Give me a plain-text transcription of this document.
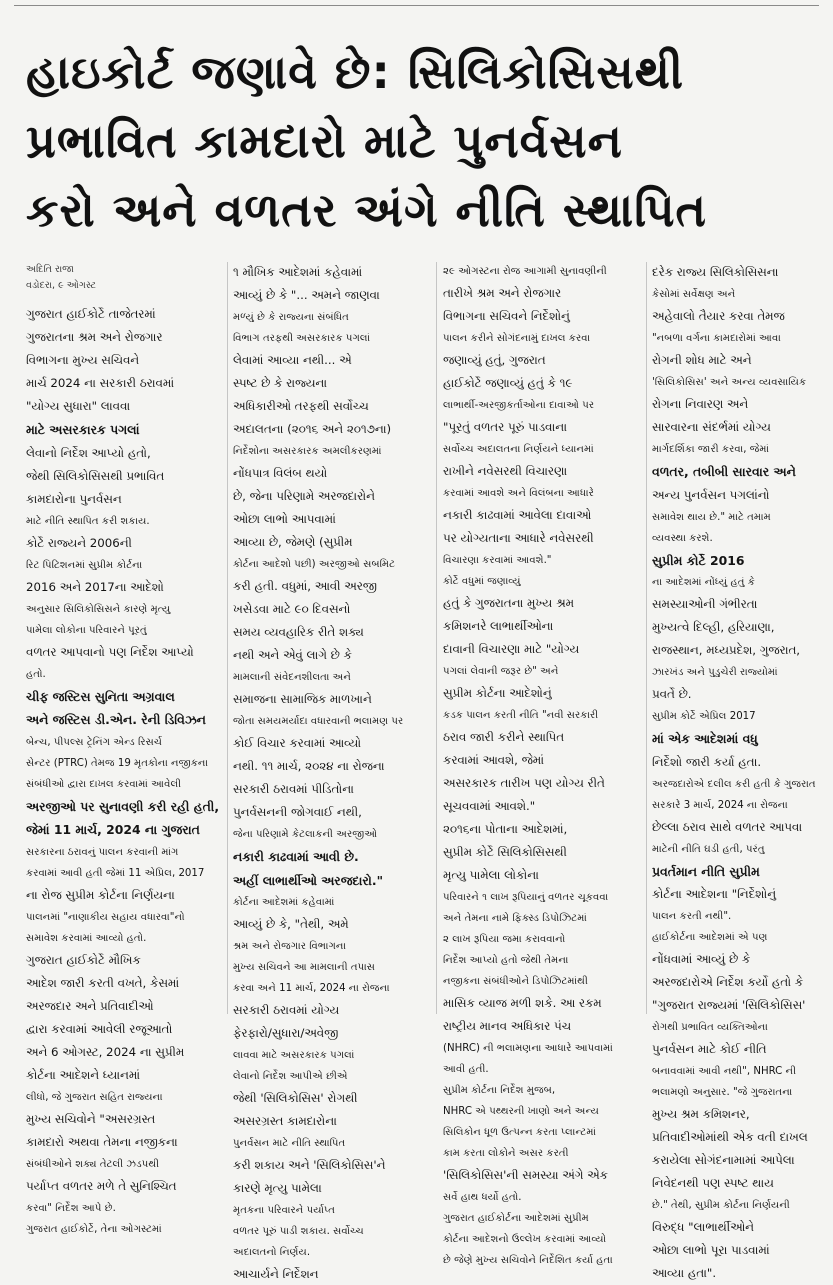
હાઇકોર્ટ જણાવે છે: સિલિકોસિસથી
પ્રભાવિત કામદારો માટે પુનર્વસન
કરો અને વળતર અંગે નીતિ સ્થાપિત
અદિતિ રાજા
વડોદરા, ૯ ઓગસ્ટ

ગુજરાત હાઈકોર્ટે તાજેતરમાં

ગુજરાતના શ્રમ અને રોજગાર

વિભાગના મુખ્ય સચિવને

માર્ચ 2024 ના સરકારી ઠરાવમાં

"યોગ્ય સુધારા" લાવવા

માટે અસરકારક પગલાં

લેવાનો નિર્દેશ આપ્યો હતો,

જેથી સિલિકોસિસથી પ્રભાવિત

કામદારોના પુનર્વસન

માટે નીતિ સ્થાપિત કરી શકાય.

કોર્ટે રાજ્યને 2006ની

રિટ પિટિશનમાં સુપ્રીમ કોર્ટના

2016 અને 2017ના આદેશો

અનુસાર સિલિકોસિસને કારણે મૃત્યુ

પામેલા લોકોના પરિવારને પૂરતું

વળતર આપવાનો પણ નિર્દેશ આપ્યો

હતો.

ચીફ જસ્ટિસ સુનિતા અગ્રવાલ

અને જસ્ટિસ ડી.એન. રેની ડિવિઝન

બેન્ચ, પીપલ્સ ટ્રેનિંગ એન્ડ રિસર્ચ

સેન્ટર (PTRC) તેમજ 19 મૃતકોના નજીકના

સંબંધીઓ દ્વારા દાખલ કરવામાં આવેલી

અરજીઓ પર સુનાવણી કરી રહી હતી,

જેમાં 11 માર્ચ, 2024 ના ગુજરાત

સરકારના ઠરાવનું પાલન કરવાની માંગ

કરવામાં આવી હતી જેમાં 11 એપ્રિલ, 2017

ના રોજ સુપ્રીમ કોર્ટના નિર્ણયના

પાલનમાં "નાણાકીય સહાય વધારવા"નો

સમાવેશ કરવામાં આવ્યો હતો.

ગુજરાત હાઈકોર્ટે મૌખિક

આદેશ જારી કરતી વખતે, કેસમાં

અરજદાર અને પ્રતિવાદીઓ

દ્વારા કરવામાં આવેલી રજૂઆતો

અને 6 ઓગસ્ટ, 2024 ના સુપ્રીમ

કોર્ટના આદેશને ધ્યાનમાં

લીધો, જે ગુજરાત સહિત રાજ્યના

મુખ્ય સચિવોને "અસરગ્રસ્ત

કામદારો અથવા તેમના નજીકના

સંબંધીઓને શક્ય તેટલી ઝડપથી

પર્યાપ્ત વળતર મળે તે સુનિશ્ચિત

કરવા" નિર્દેશ આપે છે.

ગુજરાત હાઈકોર્ટે, તેના ઓગસ્ટમાં

૧ મૌખિક આદેશમાં કહેવામાં

આવ્યું છે કે "... અમને જાણવા

મળ્યું છે કે રાજ્યના સંબંધિત

વિભાગ તરફથી અસરકારક પગલાં

લેવામાં આવ્યા નથી... એ

સ્પષ્ટ છે કે રાજ્યના

અધિકારીઓ તરફથી સર્વોચ્ચ

અદાલતના (૨૦૧૬ અને ૨૦૧૭ના)

નિર્દેશોના અસરકારક અમલીકરણમાં

નોંધપાત્ર વિલંબ થયો

છે, જેના પરિણામે અરજદારોને

ઓછા લાભો આપવામાં

આવ્યા છે, જેમણે (સુપ્રીમ

કોર્ટના આદેશો પછી) અરજીઓ સબમિટ

કરી હતી. વધુમાં, આવી અરજી

ખસેડવા માટે ૯૦ દિવસનો

સમય વ્યવહારિક રીતે શક્ય

નથી અને એવું લાગે છે કે

મામલાની સંવેદનશીલતા અને

સમાજના સામાજિક માળખાને

જોતા સમયમર્યાદા વધારવાની ભલામણ પર

કોઈ વિચાર કરવામાં આવ્યો

નથી. ૧૧ માર્ચ, ૨૦૨૪ ના રોજના

સરકારી ઠરાવમાં પીડિતોના

પુનર્વસનની જોગવાઈ નથી,

જેના પરિણામે કેટલાકની અરજીઓ

નકારી કાઢવામાં આવી છે.

અહીં લાભાર્થીઓ અરજદારો."

કોર્ટના આદેશમાં કહેવામાં

આવ્યું છે કે, "તેથી, અમે

શ્રમ અને રોજગાર વિભાગના

મુખ્ય સચિવને આ મામલાની તપાસ

કરવા અને 11 માર્ચ, 2024 ના રોજના

સરકારી ઠરાવમાં યોગ્ય

ફેરફારો/સુધારા/અવેજી

લાવવા માટે અસરકારક પગલાં

લેવાનો નિર્દેશ આપીએ છીએ

જેથી 'સિલિકોસિસ' રોગથી

અસરગ્રસ્ત કામદારોના

પુનર્વસન માટે નીતિ સ્થાપિત

કરી શકાય અને 'સિલિકોસિસ'ને

કારણે મૃત્યુ પામેલા

મૃતકના પરિવારને પર્યાપ્ત

વળતર પૂરું પાડી શકાય. સર્વોચ્ચ

અદાલતનો નિર્ણય.

આચાર્યને નિર્દેશન

૨૯ ઓગસ્ટના રોજ આગામી સુનાવણીની

તારીખે શ્રમ અને રોજગાર

વિભાગના સચિવને નિર્દેશોનું

પાલન કરીને સોગંદનામું દાખલ કરવા

જણાવ્યું હતું, ગુજરાત

હાઈકોર્ટે જણાવ્યું હતું કે ૧૯

લાભાર્થી-અરજીકર્તાઓના દાવાઓ પર

"પૂરતું વળતર પૂરું પાડવાના

સર્વોચ્ચ અદાલતના નિર્ણયને ધ્યાનમાં

રાખીને નવેસરથી વિચારણા

કરવામાં આવશે અને વિલંબના આધારે

નકારી કાઢવામાં આવેલા દાવાઓ

પર યોગ્યતાના આધારે નવેસરથી

વિચારણા કરવામાં આવશે."

કોર્ટે વધુમાં જણાવ્યું

હતું કે ગુજરાતના મુખ્ય શ્રમ

કમિશનરે લાભાર્થીઓના

દાવાની વિચારણા માટે "યોગ્ય

પગલાં લેવાની જરૂર છે" અને

સુપ્રીમ કોર્ટના આદેશોનું

કડક પાલન કરતી નીતિ "નવી સરકારી

ઠરાવ જારી કરીને સ્થાપિત

કરવામાં આવશે, જેમાં

અસરકારક તારીખ પણ યોગ્ય રીતે

સૂચવવામાં આવશે."

૨૦૧૬ના પોતાના આદેશમાં,

સુપ્રીમ કોર્ટે સિલિકોસિસથી

મૃત્યુ પામેલા લોકોના

પરિવારને ૧ લાખ રૂપિયાનું વળતર ચૂકવવા

અને તેમના નામે ફિક્સ્ડ ડિપોઝિટમાં

૨ લાખ રૂપિયા જમા કરાવવાનો

નિર્દેશ આપ્યો હતો જેથી તેમના

નજીકના સંબંધીઓને ડિપોઝિટમાંથી

માસિક વ્યાજ મળી શકે. આ રકમ

રાષ્ટ્રીય માનવ અધિકાર પંચ

(NHRC) ની ભલામણના આધારે આપવામાં

આવી હતી.

સુપ્રીમ કોર્ટના નિર્દેશ મુજબ,

NHRC એ પથ્થરની ખાણો અને અન્ય

સિલિકોન ધૂળ ઉત્પન્ન કરતા પ્લાન્ટમાં

કામ કરતા લોકોને અસર કરતી

'સિલિકોસિસ'ની સમસ્યા અંગે એક

સર્વે હાથ ધર્યો હતો.

ગુજરાત હાઈકોર્ટના આદેશમાં સુપ્રીમ

કોર્ટના આદેશનો ઉલ્લેખ કરવામાં આવ્યો

છે જેણે મુખ્ય સચિવોને નિર્દેશિત કર્યા હતા

દરેક રાજ્ય સિલિકોસિસના

કેસોમાં સર્વેક્ષણ અને

અહેવાલો તૈયાર કરવા તેમજ

"નબળા વર્ગના કામદારોમાં આવા

રોગની શોધ માટે અને

'સિલિકોસિસ' અને અન્ય વ્યવસાયિક

રોગના નિવારણ અને

સારવારના સંદર્ભમાં યોગ્ય

માર્ગદર્શિકા જારી કરવા, જેમાં

વળતર, તબીબી સારવાર અને

અન્ય પુનર્વસન પગલાંનો

સમાવેશ થાય છે." માટે તમામ

વ્યવસ્થા કરશે.

સુપ્રીમ કોર્ટે 2016

ના આદેશમાં નોંધ્યું હતું કે

સમસ્યાઓની ગંભીરતા

મુખ્યત્વે દિલ્હી, હરિયાણા,

રાજસ્થાન, મધ્યપ્રદેશ, ગુજરાત,

ઝારખંડ અને પુડુચેરી રાજ્યોમાં

પ્રવર્તે છે.

સુપ્રીમ કોર્ટે એપ્રિલ 2017

માં એક આદેશમાં વધુ

નિર્દેશો જારી કર્યા હતા.

અરજદારોએ દલીલ કરી હતી કે ગુજરાત

સરકારે 3 માર્ચ, 2024 ના રોજના

છેલ્લા ઠરાવ સાથે વળતર આપવા

માટેની નીતિ ઘડી હતી, પરંતુ

પ્રવર્તમાન નીતિ સુપ્રીમ

કોર્ટના આદેશના "નિર્દેશોનું

પાલન કરતી નથી".

હાઈકોર્ટના આદેશમાં એ પણ

નોંધવામાં આવ્યું છે કે

અરજદારોએ નિર્દેશ કર્યો હતો કે

"ગુજરાત રાજ્યમાં 'સિલિકોસિસ'

રોગથી પ્રભાવિત વ્યક્તિઓના

પુનર્વસન માટે કોઈ નીતિ

બનાવવામાં આવી નથી", NHRC ની

ભલામણો અનુસાર. "જે ગુજરાતના

મુખ્ય શ્રમ કમિશનર,

પ્રતિવાદીઓમાંથી એક વતી દાખલ

કરાયેલા સોગંદનામામાં આપેલા

નિવેદનથી પણ સ્પષ્ટ થાય

છે." તેથી, સુપ્રીમ કોર્ટના નિર્ણયની

વિરુદ્ધ "લાભાર્થીઓને

ઓછા લાભો પૂરા પાડવામાં

આવ્યા હતા".
